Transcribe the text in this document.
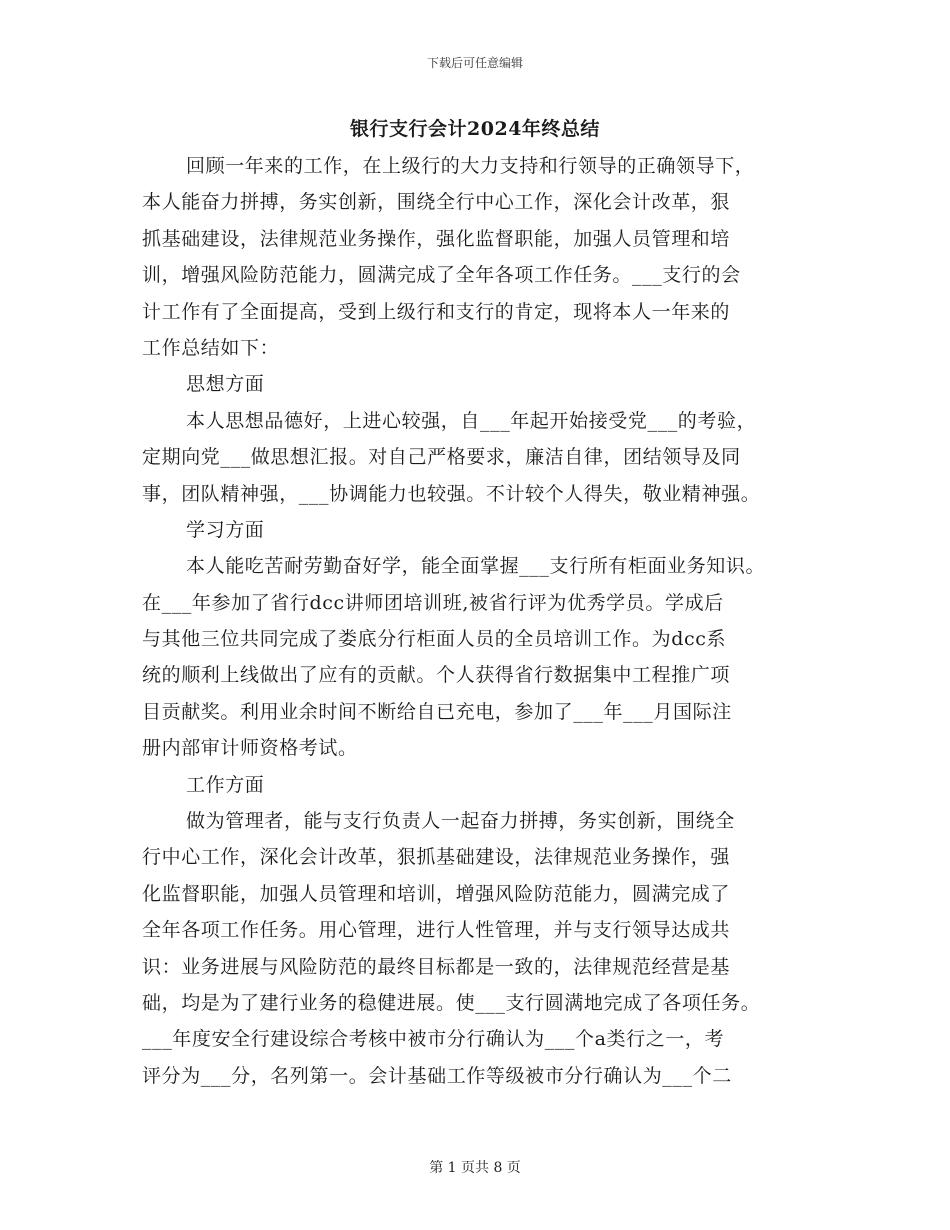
下载后可任意编辑
银行支行会计2024年终总结
回顾一年来的工作，在上级行的大力支持和行领导的正确领导下，
本人能奋力拼搏，务实创新，围绕全行中心工作，深化会计改革，狠
抓基础建设，法律规范业务操作，强化监督职能，加强人员管理和培
训，增强风险防范能力，圆满完成了全年各项工作任务。___支行的会
计工作有了全面提高，受到上级行和支行的肯定，现将本人一年来的
工作总结如下：
思想方面
本人思想品德好，上进心较强，自___年起开始接受党___的考验，
定期向党___做思想汇报。对自己严格要求，廉洁自律，团结领导及同
事，团队精神强，___协调能力也较强。不计较个人得失，敬业精神强。
学习方面
本人能吃苦耐劳勤奋好学，能全面掌握___支行所有柜面业务知识。
在___年参加了省行dcc讲师团培训班,被省行评为优秀学员。学成后
与其他三位共同完成了娄底分行柜面人员的全员培训工作。为dcc系
统的顺利上线做出了应有的贡献。个人获得省行数据集中工程推广项
目贡献奖。利用业余时间不断给自已充电，参加了___年___月国际注
册内部审计师资格考试。
工作方面
做为管理者，能与支行负责人一起奋力拼搏，务实创新，围绕全
行中心工作，深化会计改革，狠抓基础建设，法律规范业务操作，强
化监督职能，加强人员管理和培训，增强风险防范能力，圆满完成了
全年各项工作任务。用心管理，进行人性管理，并与支行领导达成共
识：业务进展与风险防范的最终目标都是一致的，法律规范经营是基
础，均是为了建行业务的稳健进展。使___支行圆满地完成了各项任务。
___年度安全行建设综合考核中被市分行确认为___个a类行之一，考
评分为___分，名列第一。会计基础工作等级被市分行确认为___个二
第 1 页共 8 页
